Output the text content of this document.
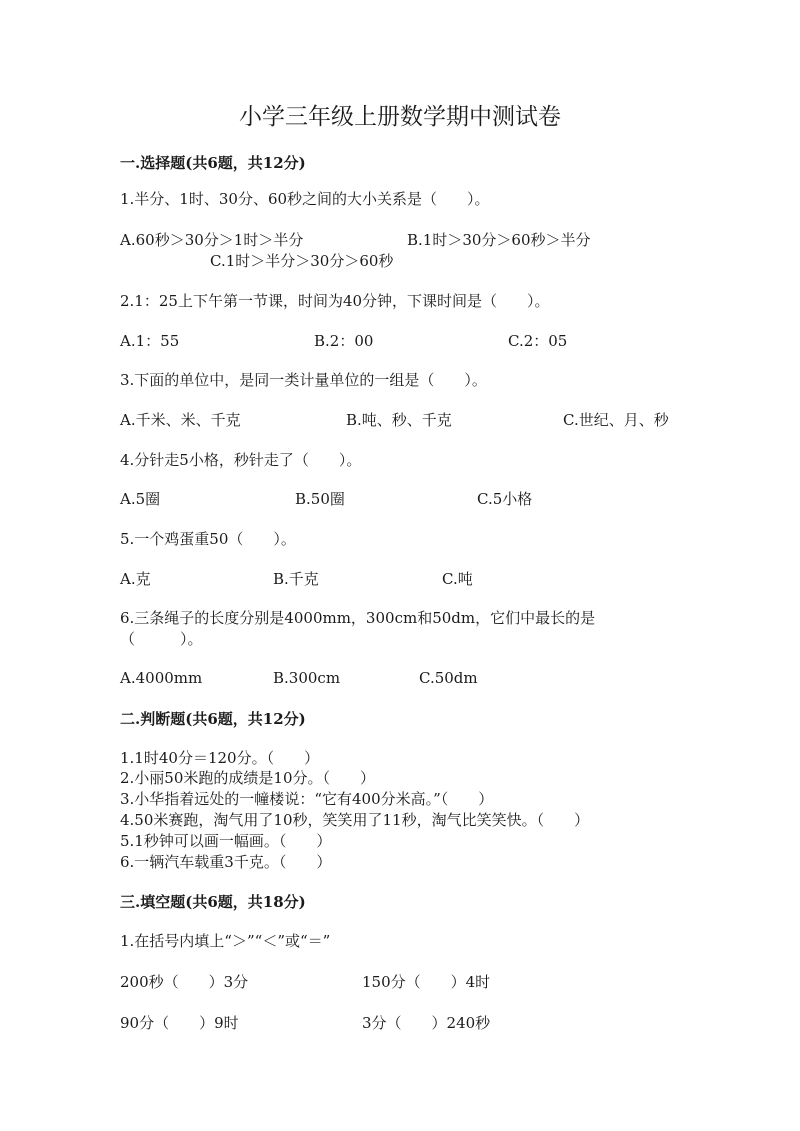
小学三年级上册数学期中测试卷
一.选择题(共6题，共12分)
1.半分、1时、30分、60秒之间的大小关系是（　　）。
A.60秒＞30分＞1时＞半分	B.1时＞30分＞60秒＞半分
C.1时＞半分＞30分＞60秒
2.1：25上下午第一节课，时间为40分钟，下课时间是（　　）。
A.1：55	B.2：00	C.2：05
3.下面的单位中，是同一类计量单位的一组是（　　）。
A.千米、米、千克	B.吨、秒、千克	C.世纪、月、秒
4.分针走5小格，秒针走了（　　）。
A.5圈	B.50圈	C.5小格
5.一个鸡蛋重50（　　）。
A.克	B.千克	C.吨
6.三条绳子的长度分别是4000mm，300cm和50dm，它们中最长的是
（　　　）。
A.4000mm	B.300cm	C.50dm
二.判断题(共6题，共12分)
1.1时40分＝120分。（　　）
2.小丽50米跑的成绩是10分。（　　）
3.小华指着远处的一幢楼说：“它有400分米高。”（　　）
4.50米赛跑，淘气用了10秒，笑笑用了11秒，淘气比笑笑快。（　　）
5.1秒钟可以画一幅画。（　　）
6.一辆汽车载重3千克。（　　）
三.填空题(共6题，共18分)
1.在括号内填上“＞”“＜”或“＝”
200秒（　　）3分	150分（　　）4时
90分（　　）9时	3分（　　）240秒
